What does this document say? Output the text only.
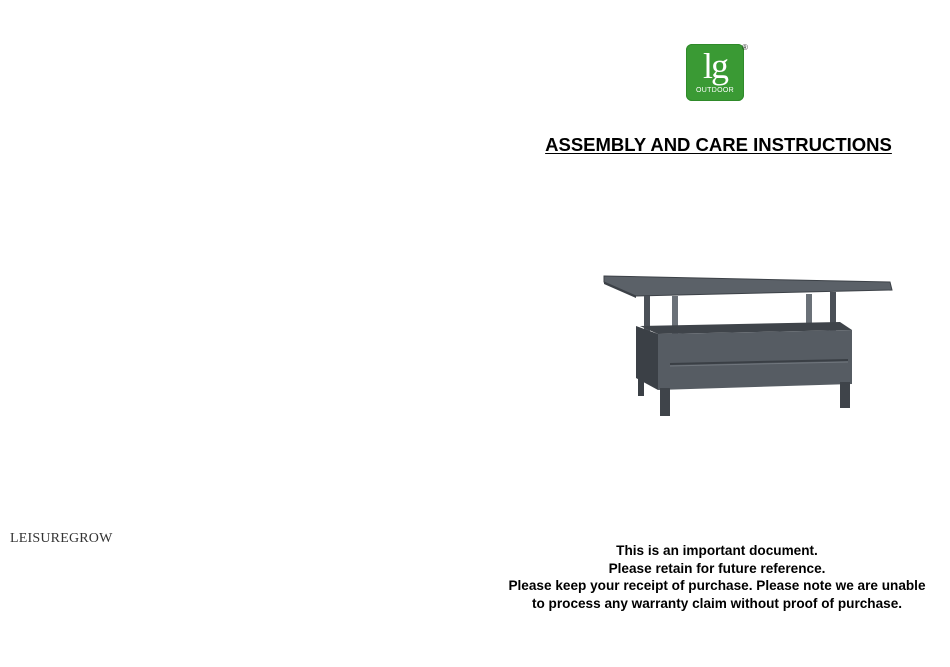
lg
OUTDOOR
®
ASSEMBLY AND CARE INSTRUCTIONS
LEISUREGROW
This is an important document.
Please retain for future reference.
Please keep your receipt of purchase. Please note we are unable
to process any warranty claim without proof of purchase.
